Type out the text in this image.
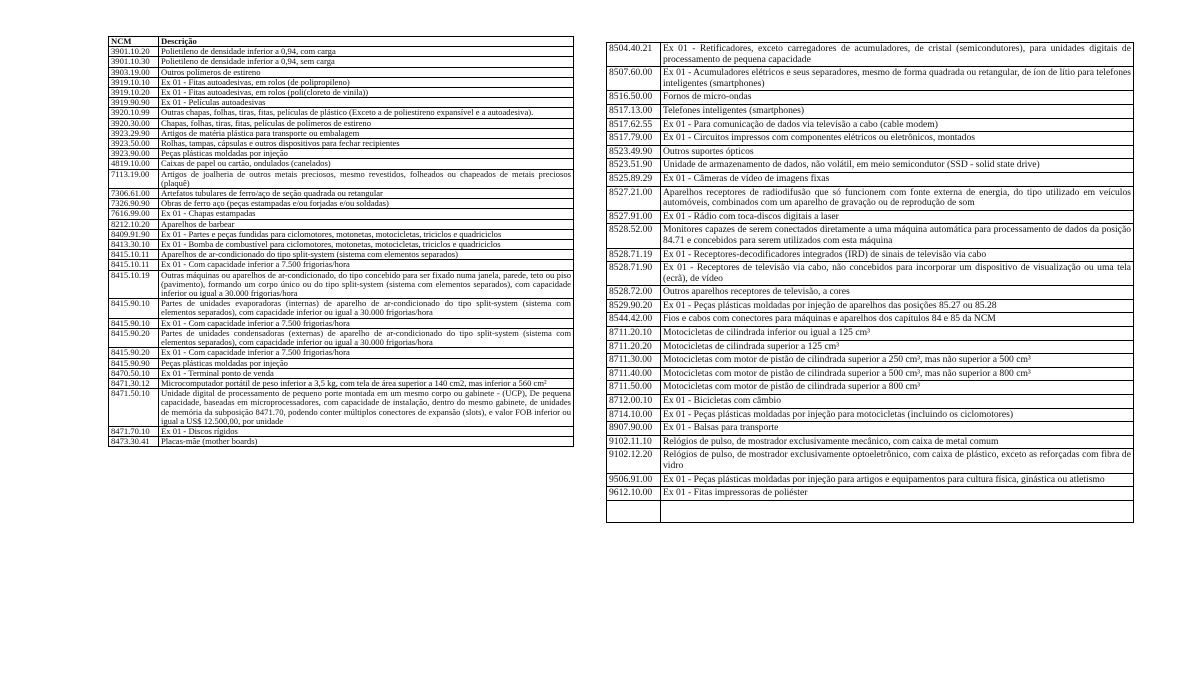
NCM	Descrição
3901.10.20	Polietileno de densidade inferior a 0,94, com carga
3901.10.30	Polietileno de densidade inferior a 0,94, sem carga
3903.19.00	Outros polímeros de estireno
3919.10.10	Ex 01 - Fitas autoadesivas, em rolos (de polipropileno)
3919.10.20	Ex 01 - Fitas autoadesivas, em rolos (poli(cloreto de vinila))
3919.90.90	Ex 01 - Películas autoadesivas
3920.10.99	Outras chapas, folhas, tiras, fitas, películas de plástico (Exceto a de poliestireno expansível e a autoadesiva).
3920.30.00	Chapas, folhas, tiras, fitas, películas de polímeros de estireno
3923.29.90	Artigos de matéria plástica para transporte ou embalagem
3923.50.00	Rolhas, tampas, cápsulas e outros dispositivos para fechar recipientes
3923.90.00	Peças plásticas moldadas por injeção
4819.10.00	Caixas de papel ou cartão, ondulados (canelados)
7113.19.00	Artigos de joalheria de outros metais preciosos, mesmo revestidos, folheados ou chapeados de metais preciosos (plaquê)
7306.61.00	Artefatos tubulares de ferro/aço de seção quadrada ou retangular
7326.90.90	Obras de ferro aço (peças estampadas e/ou forjadas e/ou soldadas)
7616.99.00	Ex 01 - Chapas estampadas
8212.10.20	Aparelhos de barbear
8409.91.90	Ex 01 - Partes e peças fundidas para ciclomotores, motonetas, motocicletas, triciclos e quadriciclos
8413.30.10	Ex 01 - Bomba de combustível para ciclomotores, motonetas, motocicletas, triciclos e quadriciclos
8415.10.11	Aparelhos de ar-condicionado do tipo split-system (sistema com elementos separados)
8415.10.11	Ex 01 - Com capacidade inferior a 7.500 frigorias/hora
8415.10.19	Outras máquinas ou aparelhos de ar-condicionado, do tipo concebido para ser fixado numa janela, parede, teto ou piso (pavimento), formando um corpo único ou do tipo split-system (sistema com elementos separados), com capacidade inferior ou igual a 30.000 frigorias/hora
8415.90.10	Partes de unidades evaporadoras (internas) de aparelho de ar-condicionado do tipo split-system (sistema com elementos separados), com capacidade inferior ou igual a 30.000 frigorias/hora
8415.90.10	Ex 01 - Com capacidade inferior a 7.500 frigorias/hora
8415.90.20	Partes de unidades condensadoras (externas) de aparelho de ar-condicionado do tipo split-system (sistema com elementos separados), com capacidade inferior ou igual a 30.000 frigorias/hora
8415.90.20	Ex 01 - Com capacidade inferior a 7.500 frigorias/hora
8415.90.90	Peças plásticas moldadas por injeção
8470.50.10	Ex 01 - Terminal ponto de venda
8471.30.12	Microcomputador portátil de peso inferior a 3,5 kg, com tela de área superior a 140 cm2, mas inferior a 560 cm²
8471.50.10	Unidade digital de processamento de pequeno porte montada em um mesmo corpo ou gabinete - (UCP), De pequena capacidade, baseadas em microprocessadores, com capacidade de instalação, dentro do mesmo gabinete, de unidades de memória da subposição 8471.70, podendo conter múltiplos conectores de expansão (slots), e valor FOB inferior ou igual a US$ 12.500,00, por unidade
8471.70.10	Ex 01 - Discos rígidos
8473.30.41	Placas-mãe (mother boards)
8504.40.21	Ex 01 - Retificadores, exceto carregadores de acumuladores, de cristal (semicondutores), para unidades digitais de processamento de pequena capacidade
8507.60.00	Ex 01 - Acumuladores elétricos e seus separadores, mesmo de forma quadrada ou retangular, de íon de lítio para telefones inteligentes (smartphones)
8516.50.00	Fornos de micro-ondas
8517.13.00	Telefones inteligentes (smartphones)
8517.62.55	Ex 01 - Para comunicação de dados via televisão a cabo (cable modem)
8517.79.00	Ex 01 - Circuitos impressos com componentes elétricos ou eletrônicos, montados
8523.49.90	Outros suportes ópticos
8523.51.90	Unidade de armazenamento de dados, não volátil, em meio semicondutor (SSD - solid state drive)
8525.89.29	Ex 01 - Câmeras de vídeo de imagens fixas
8527.21.00	Aparelhos receptores de radiodifusão que só funcionem com fonte externa de energia, do tipo utilizado em veículos automóveis, combinados com um aparelho de gravação ou de reprodução de som
8527.91.00	Ex 01 - Rádio com toca-discos digitais a laser
8528.52.00	Monitores capazes de serem conectados diretamente a uma máquina automática para processamento de dados da posição 84.71 e concebidos para serem utilizados com esta máquina
8528.71.19	Ex 01 - Receptores-decodificadores integrados (IRD) de sinais de televisão via cabo
8528.71.90	Ex 01 - Receptores de televisão via cabo, não concebidos para incorporar um dispositivo de visualização ou uma tela (ecrã), de vídeo
8528.72.00	Outros aparelhos receptores de televisão, a cores
8529.90.20	Ex 01 - Peças plásticas moldadas por injeção de aparelhos das posições 85.27 ou 85.28
8544.42.00	Fios e cabos com conectores para máquinas e aparelhos dos capítulos 84 e 85 da NCM
8711.20.10	Motocicletas de cilindrada inferior ou igual a 125 cm³
8711.20.20	Motocicletas de cilindrada superior a 125 cm³
8711.30.00	Motocicletas com motor de pistão de cilindrada superior a 250 cm³, mas não superior a 500 cm³
8711.40.00	Motocicletas com motor de pistão de cilindrada superior a 500 cm³, mas não superior a 800 cm³
8711.50.00	Motocicletas com motor de pistão de cilindrada superior a 800 cm³
8712.00.10	Ex 01 - Bicicletas com câmbio
8714.10.00	Ex 01 - Peças plásticas moldadas por injeção para motocicletas (incluindo os ciclomotores)
8907.90.00	Ex 01 - Balsas para transporte
9102.11.10	Relógios de pulso, de mostrador exclusivamente mecânico, com caixa de metal comum
9102.12.20	Relógios de pulso, de mostrador exclusivamente optoeletrônico, com caixa de plástico, exceto as reforçadas com fibra de vidro
9506.91.00	Ex 01 - Peças plásticas moldadas por injeção para artigos e equipamentos para cultura física, ginástica ou atletismo
9612.10.00	Ex 01 - Fitas impressoras de poliéster
